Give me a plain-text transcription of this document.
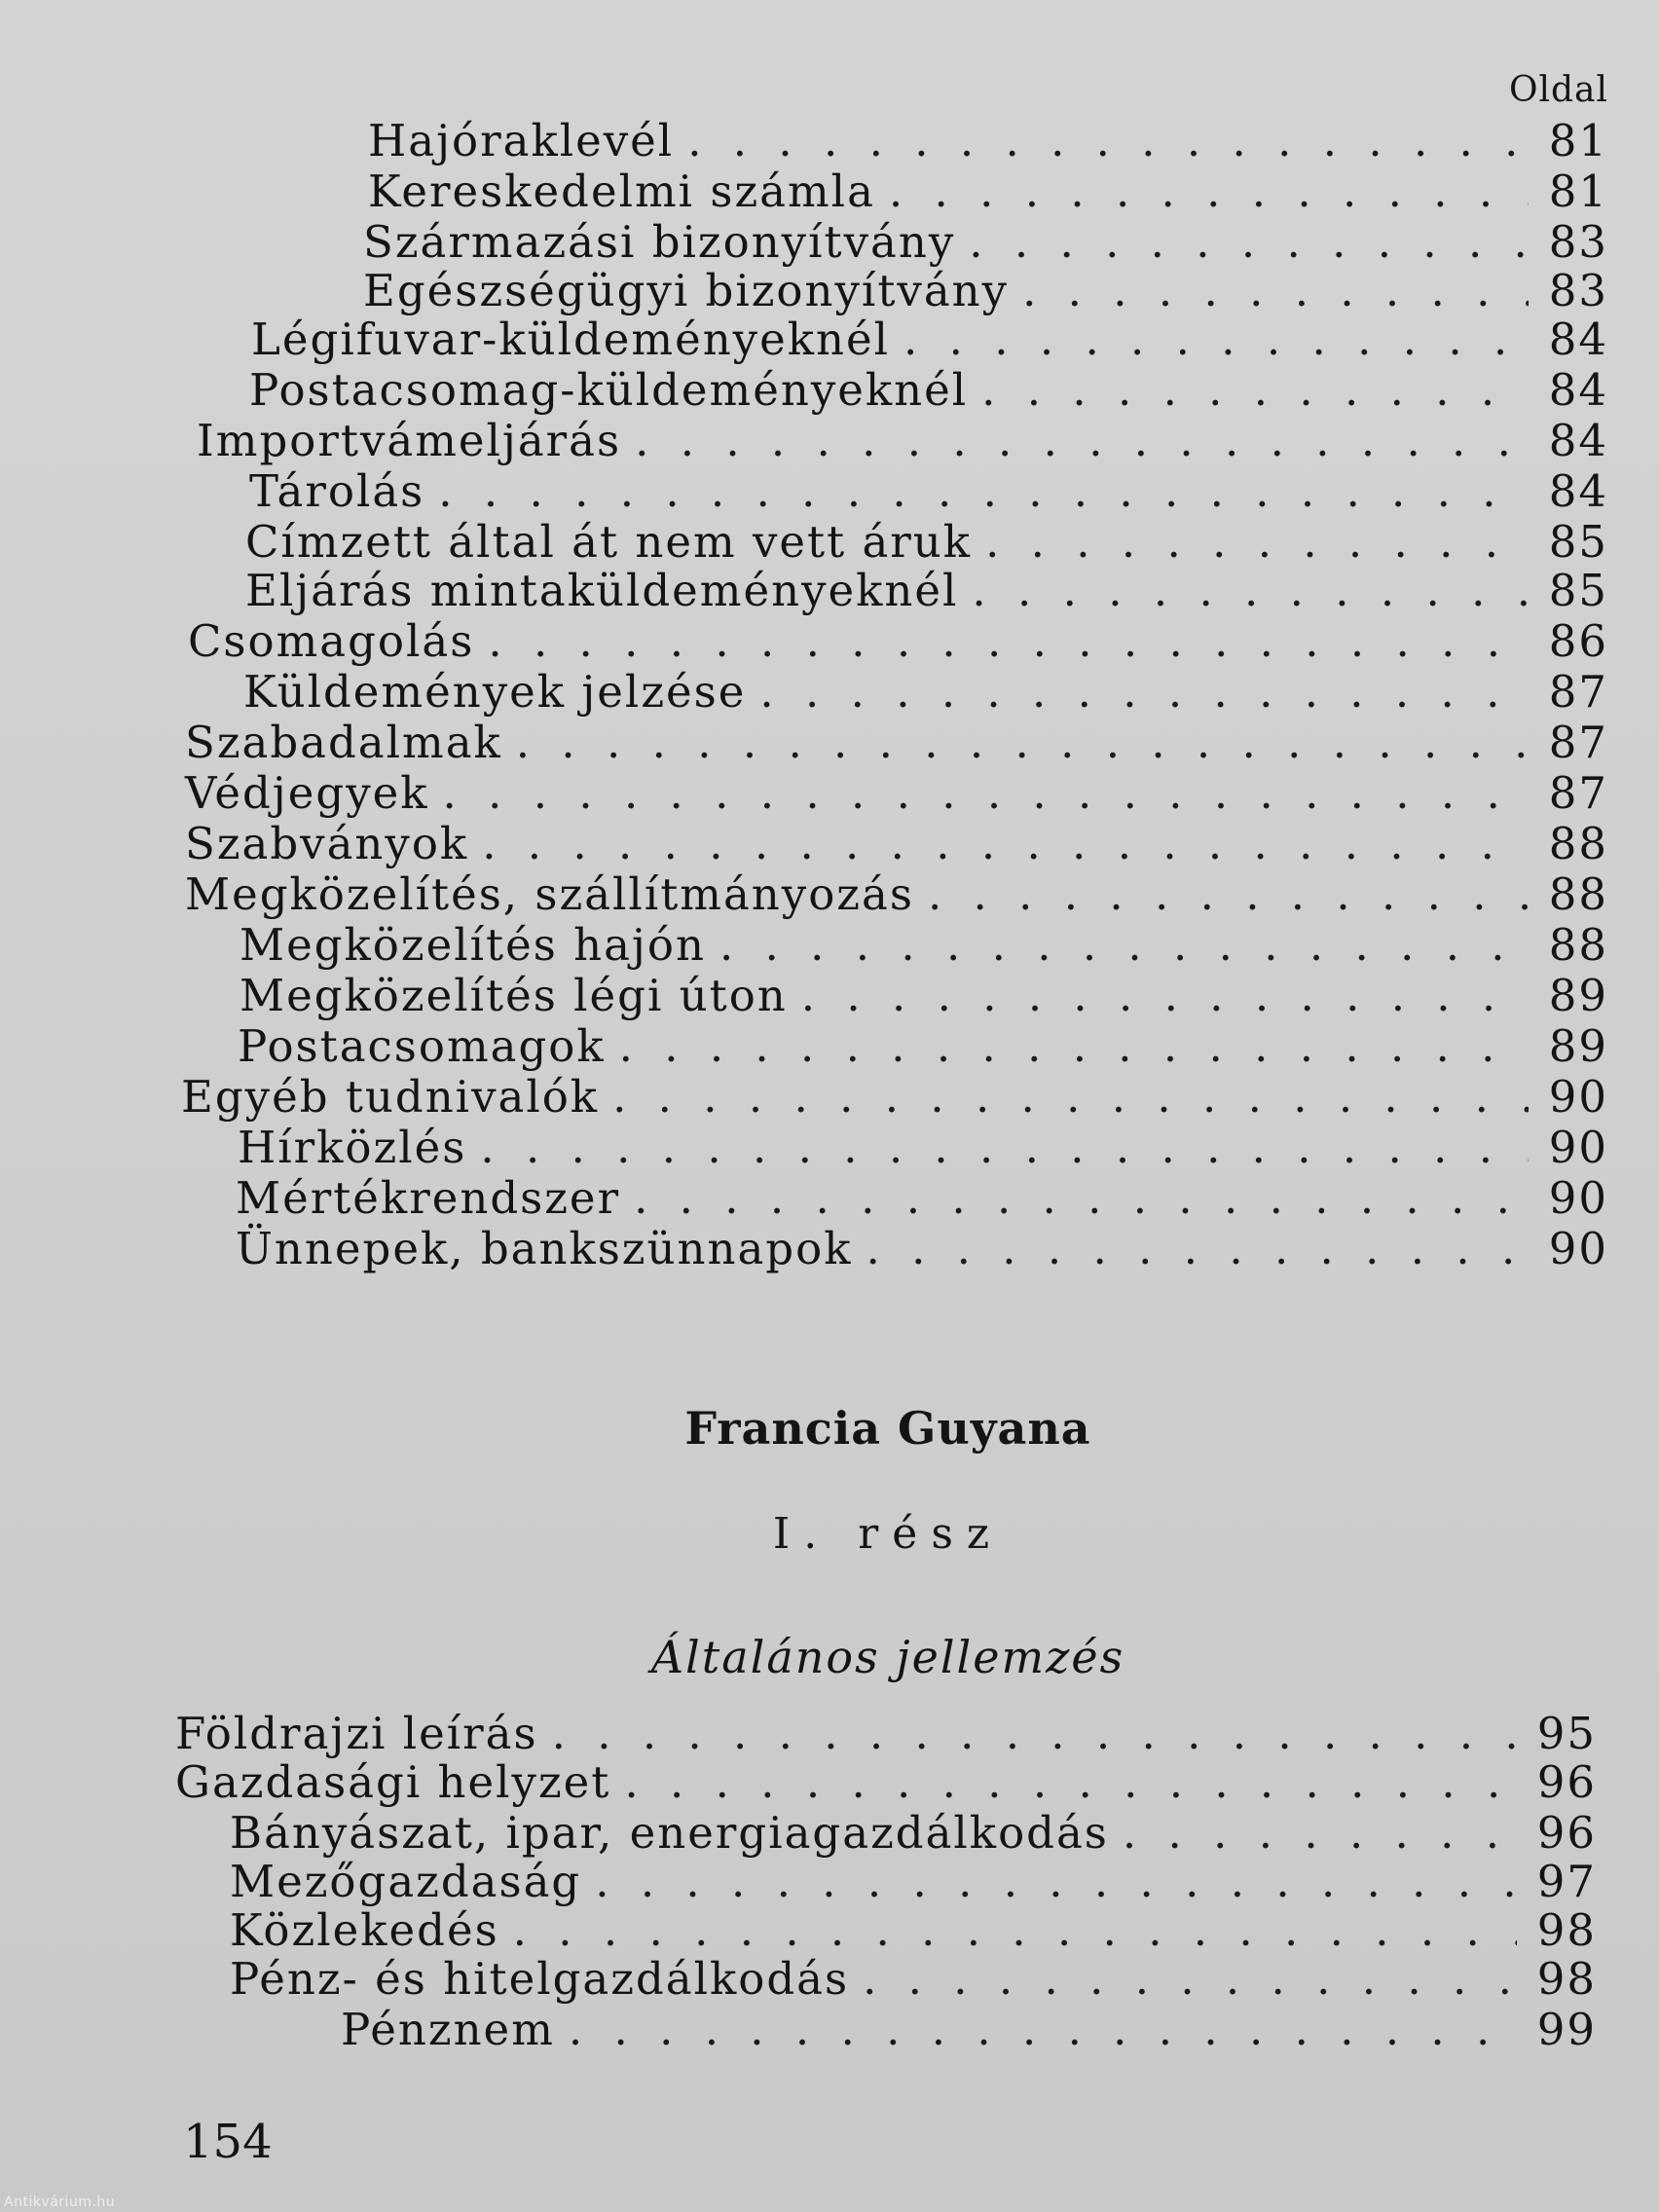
Oldal
Hajóraklevél . . .	81
Kereskedelmi számla . . .	81
Származási bizonyítvány . . .	83
Egészségügyi bizonyítvány . . .	83
Légifuvar-küldeményeknél . . .	84
Postacsomag-küldeményeknél . . .	84
Importvámeljárás . . .	84
Tárolás . . .	84
Címzett által át nem vett áruk . . .	85
Eljárás mintaküldeményeknél . . .	85
Csomagolás . . .	86
Küldemények jelzése . . .	87
Szabadalmak . . .	87
Védjegyek . . .	87
Szabványok . . .	88
Megközelítés, szállítmányozás . . .	88
Megközelítés hajón . . .	88
Megközelítés légi úton . . .	89
Postacsomagok . . .	89
Egyéb tudnivalók . . .	90
Hírközlés . . .	90
Mértékrendszer . . .	90
Ünnepek, bankszünnapok . . .	90
Francia Guyana
I. rész
Általános jellemzés
Földrajzi leírás . . .	95
Gazdasági helyzet . . .	96
Bányászat, ipar, energiagazdálkodás . . .	96
Mezőgazdaság . . .	97
Közlekedés . . .	98
Pénz- és hitelgazdálkodás . . .	98
Pénznem . . .	99
154
Antikvárium.hu
